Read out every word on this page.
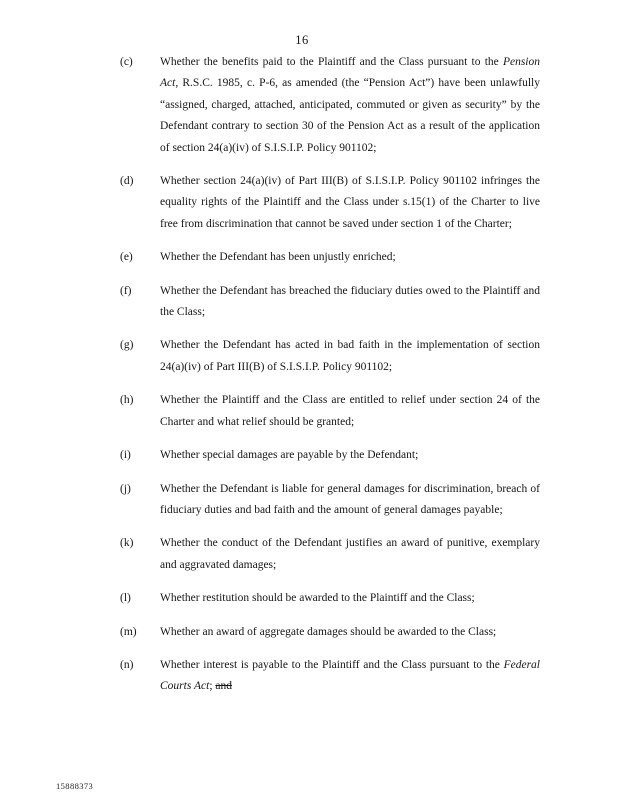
16
(c)	Whether the benefits paid to the Plaintiff and the Class pursuant to the Pension Act, R.S.C. 1985, c. P-6, as amended (the “Pension Act”) have been unlawfully “assigned, charged, attached, anticipated, commuted or given as security” by the Defendant contrary to section 30 of the Pension Act as a result of the application of section 24(a)(iv) of S.I.S.I.P. Policy 901102;
(d)	Whether section 24(a)(iv) of Part III(B) of S.I.S.I.P. Policy 901102 infringes the equality rights of the Plaintiff and the Class under s.15(1) of the Charter to live free from discrimination that cannot be saved under section 1 of the Charter;
(e)	Whether the Defendant has been unjustly enriched;
(f)	Whether the Defendant has breached the fiduciary duties owed to the Plaintiff and the Class;
(g)	Whether the Defendant has acted in bad faith in the implementation of section 24(a)(iv) of Part III(B) of S.I.S.I.P. Policy 901102;
(h)	Whether the Plaintiff and the Class are entitled to relief under section 24 of the Charter and what relief should be granted;
(i)	Whether special damages are payable by the Defendant;
(j)	Whether the Defendant is liable for general damages for discrimination, breach of fiduciary duties and bad faith and the amount of general damages payable;
(k)	Whether the conduct of the Defendant justifies an award of punitive, exemplary and aggravated damages;
(l)	Whether restitution should be awarded to the Plaintiff and the Class;
(m)	Whether an award of aggregate damages should be awarded to the Class;
(n)	Whether interest is payable to the Plaintiff and the Class pursuant to the Federal Courts Act; and
15888373
